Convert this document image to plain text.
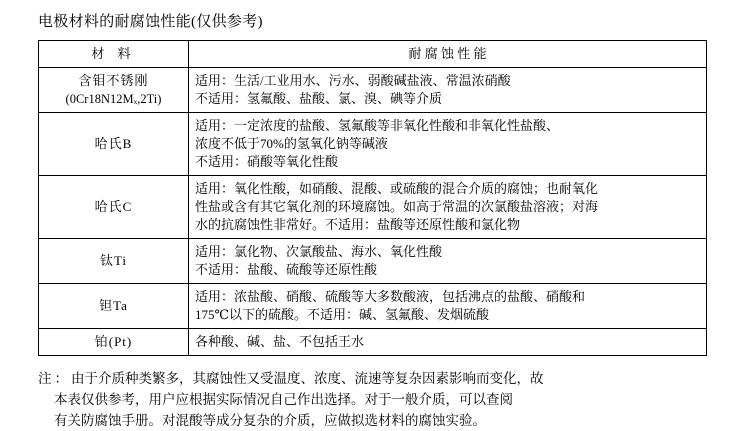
电极材料的耐腐蚀性能(仅供参考)
材 料	耐 腐 蚀 性 能
含钼不锈刚
(0Cr18N12Mₓ,2Ti)	适用：生活/工业用水、污水、弱酸碱盐液、常温浓硝酸
不适用：氢氟酸、盐酸、氯、溴、碘等介质

哈氏B	适用：一定浓度的盐酸、氢氟酸等非氧化性酸和非氧化性盐酸、
浓度不低于70%的氢氧化钠等碱液
不适用：硝酸等氧化性酸

哈氏C	适用：氧化性酸，如硝酸、混酸、或硫酸的混合介质的腐蚀；也耐氧化
性盐或含有其它氧化剂的环境腐蚀。如高于常温的次氯酸盐溶液；对海
水的抗腐蚀性非常好。不适用：盐酸等还原性酸和氯化物

钛Ti	适用：氯化物、次氯酸盐、海水、氧化性酸
不适用：盐酸、硫酸等还原性酸

钽Ta	适用：浓盐酸、硝酸、硫酸等大多数酸液，包括沸点的盐酸、硝酸和
175℃以下的硫酸。不适用：碱、氢氟酸、发烟硫酸

铂(Pt)	各种酸、碱、盐、不包括王水

注：由于介质种类繁多，其腐蚀性又受温度、浓度、流速等复杂因素影响而变化，故

本表仅供参考，用户应根据实际情况自己作出选择。对于一般介质，可以查阅

有关防腐蚀手册。对混酸等成分复杂的介质，应做拟选材料的腐蚀实验。
